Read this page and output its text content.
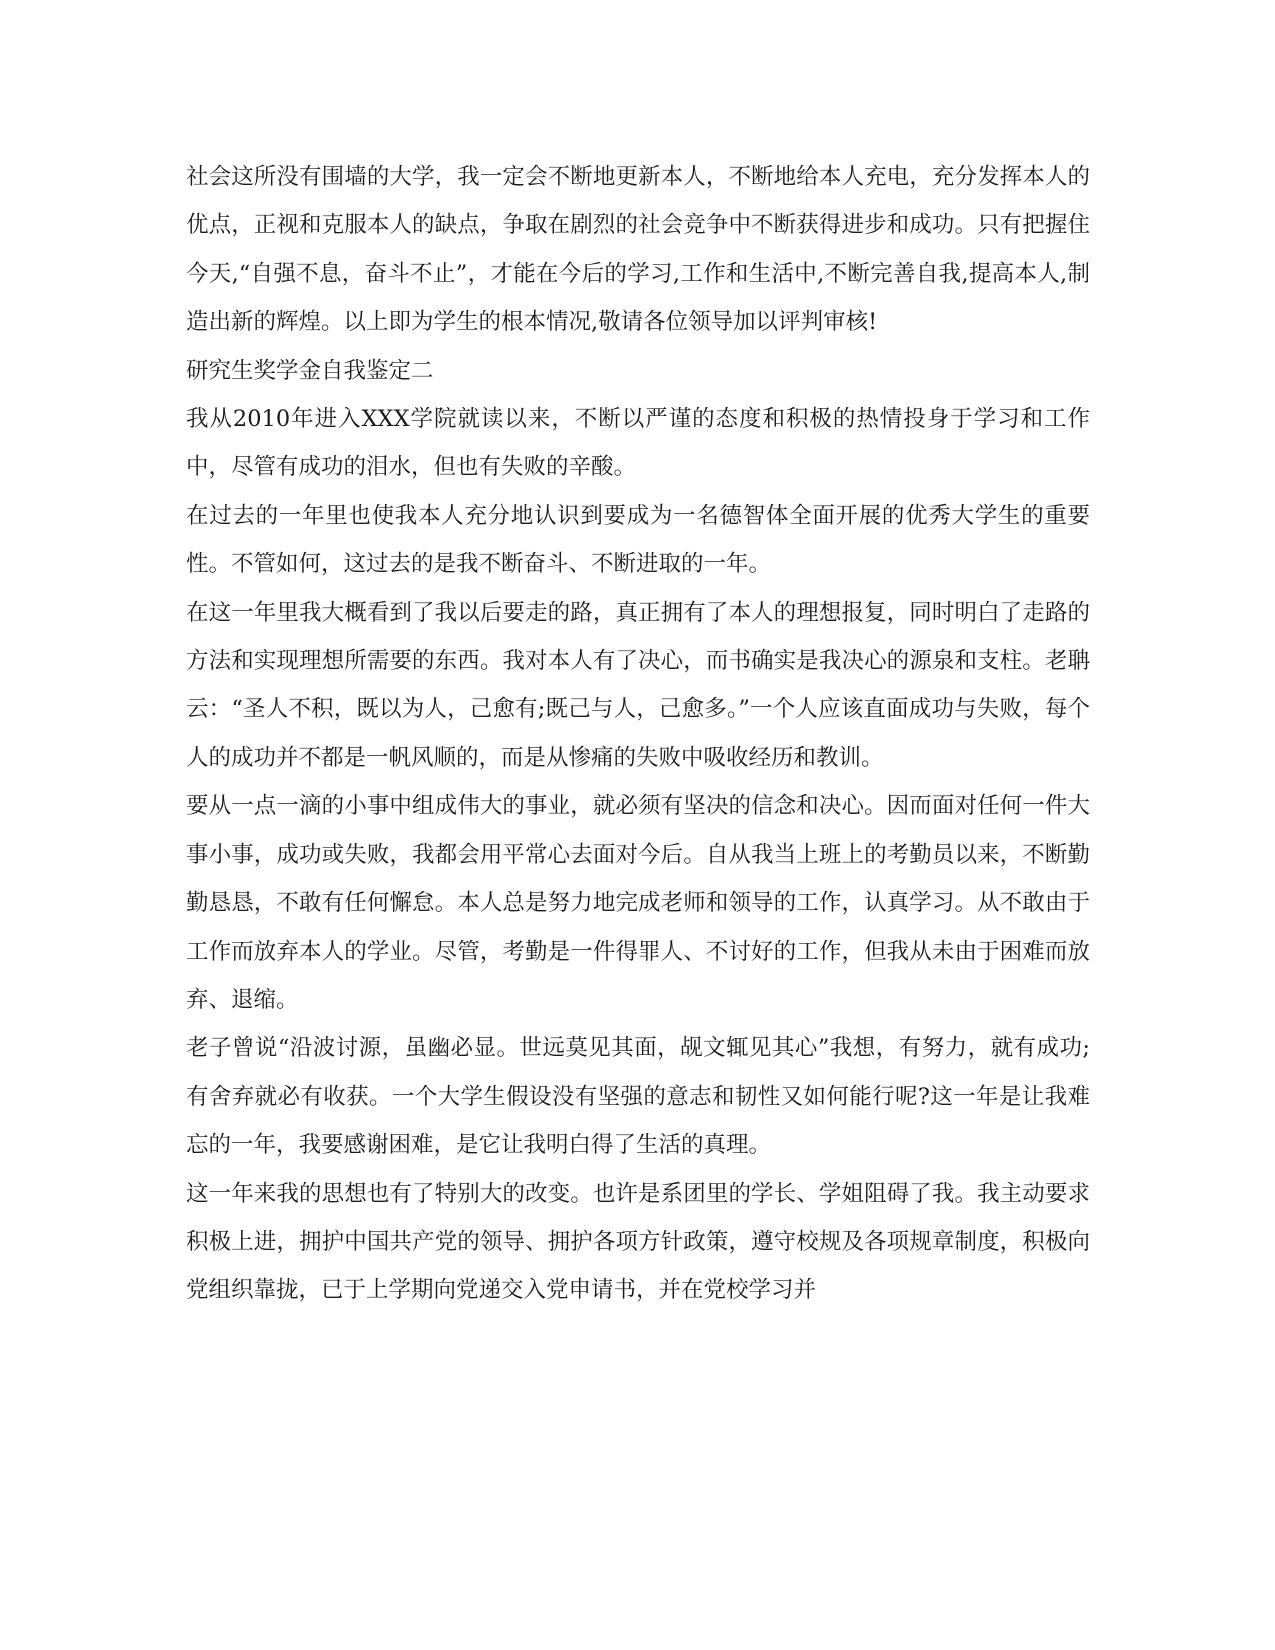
社会这所没有围墙的大学，我一定会不断地更新本人，不断地给本人充电，充分发挥本人的优点，正视和克服本人的缺点，争取在剧烈的社会竞争中不断获得进步和成功。只有把握住今天,“自强不息，奋斗不止”，才能在今后的学习,工作和生活中,不断完善自我,提高本人,制造出新的辉煌。以上即为学生的根本情况,敬请各位领导加以评判审核!

研究生奖学金自我鉴定二

我从2010年进入XXX学院就读以来，不断以严谨的态度和积极的热情投身于学习和工作中，尽管有成功的泪水，但也有失败的辛酸。

在过去的一年里也使我本人充分地认识到要成为一名德智体全面开展的优秀大学生的重要性。不管如何，这过去的是我不断奋斗、不断进取的一年。

在这一年里我大概看到了我以后要走的路，真正拥有了本人的理想报复，同时明白了走路的方法和实现理想所需要的东西。我对本人有了决心，而书确实是我决心的源泉和支柱。老聃云：“圣人不积，既以为人，己愈有;既己与人，己愈多。”一个人应该直面成功与失败，每个人的成功并不都是一帆风顺的，而是从惨痛的失败中吸收经历和教训。

要从一点一滴的小事中组成伟大的事业，就必须有坚决的信念和决心。因而面对任何一件大事小事，成功或失败，我都会用平常心去面对今后。自从我当上班上的考勤员以来，不断勤勤恳恳，不敢有任何懈怠。本人总是努力地完成老师和领导的工作，认真学习。从不敢由于工作而放弃本人的学业。尽管，考勤是一件得罪人、不讨好的工作，但我从未由于困难而放弃、退缩。

老子曾说“沿波讨源，虽幽必显。世远莫见其面，觇文辄见其心”我想，有努力，就有成功;有舍弃就必有收获。一个大学生假设没有坚强的意志和韧性又如何能行呢?这一年是让我难忘的一年，我要感谢困难，是它让我明白得了生活的真理。

这一年来我的思想也有了特别大的改变。也许是系团里的学长、学姐阻碍了我。我主动要求积极上进，拥护中国共产党的领导、拥护各项方针政策，遵守校规及各项规章制度，积极向党组织靠拢，已于上学期向党递交入党申请书，并在党校学习并
